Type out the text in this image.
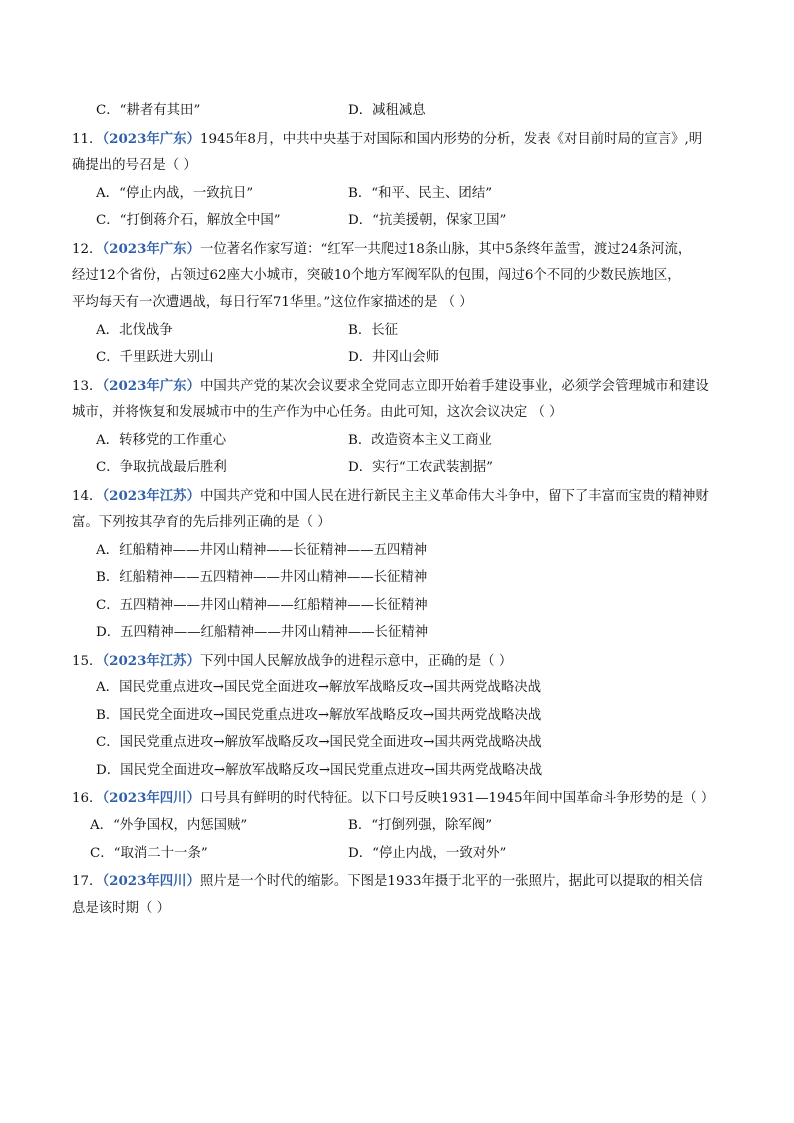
C．“耕者有其田”	D．减租减息
11．（2023年广东）1945年8月，中共中央基于对国际和国内形势的分析，发表《对目前时局的宣言》,明
确提出的号召是（ ）
A．“停止内战，一致抗日”	B．“和平、民主、团结”
C．“打倒蒋介石，解放全中国”	D．“抗美援朝，保家卫国”
12．（2023年广东）一位著名作家写道：“红军一共爬过18条山脉，其中5条终年盖雪，渡过24条河流，
经过12个省份，占领过62座大小城市，突破10个地方军阀军队的包围，闯过6个不同的少数民族地区，
平均每天有一次遭遇战，每日行军71华里。”这位作家描述的是 （ ）
A．北伐战争	B．长征
C．千里跃进大别山	D．井冈山会师
13．（2023年广东）中国共产党的某次会议要求全党同志立即开始着手建设事业，必须学会管理城市和建设
城市，并将恢复和发展城市中的生产作为中心任务。由此可知，这次会议决定 （ ）
A．转移党的工作重心	B．改造资本主义工商业
C．争取抗战最后胜利	D．实行“工农武装割据”
14．（2023年江苏）中国共产党和中国人民在进行新民主主义革命伟大斗争中，留下了丰富而宝贵的精神财
富。下列按其孕育的先后排列正确的是（ ）
A．红船精神——井冈山精神——长征精神——五四精神
B．红船精神——五四精神——井冈山精神——长征精神
C．五四精神——井冈山精神——红船精神——长征精神
D．五四精神——红船精神——井冈山精神——长征精神
15．（2023年江苏）下列中国人民解放战争的进程示意中，正确的是（ ）
A．国民党重点进攻→国民党全面进攻→解放军战略反攻→国共两党战略决战
B．国民党全面进攻→国民党重点进攻→解放军战略反攻→国共两党战略决战
C．国民党重点进攻→解放军战略反攻→国民党全面进攻→国共两党战略决战
D．国民党全面进攻→解放军战略反攻→国民党重点进攻→国共两党战略决战
16．（2023年四川）口号具有鲜明的时代特征。以下口号反映1931—1945年间中国革命斗争形势的是（ ）
A．“外争国权，内惩国贼”	B．“打倒列强，除军阀”
C．“取消二十一条”	D．“停止内战，一致对外”
17．（2023年四川）照片是一个时代的缩影。下图是1933年摄于北平的一张照片，据此可以提取的相关信
息是该时期（ ）
